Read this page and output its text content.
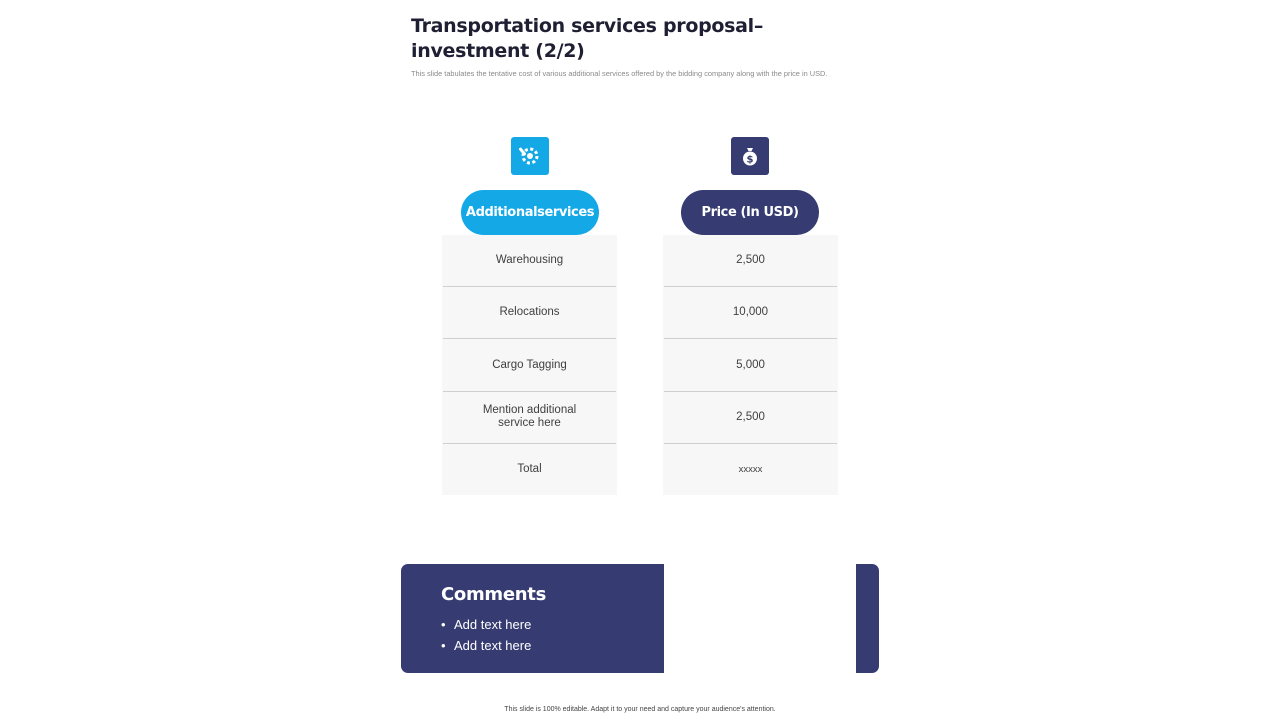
Transportation services proposal– investment (2/2)

This slide tabulates the tentative cost of various additional services offered by the bidding company along with the price in USD.

$
Additionalservices	Price (In USD)
Warehousing
Relocations
Cargo Tagging
Mention additional service here
Total
2,500
10,000
5,000
2,500
xxxxx
Comments
• Add text here
• Add text here

This slide is 100% editable. Adapt it to your need and capture your audience's attention.
